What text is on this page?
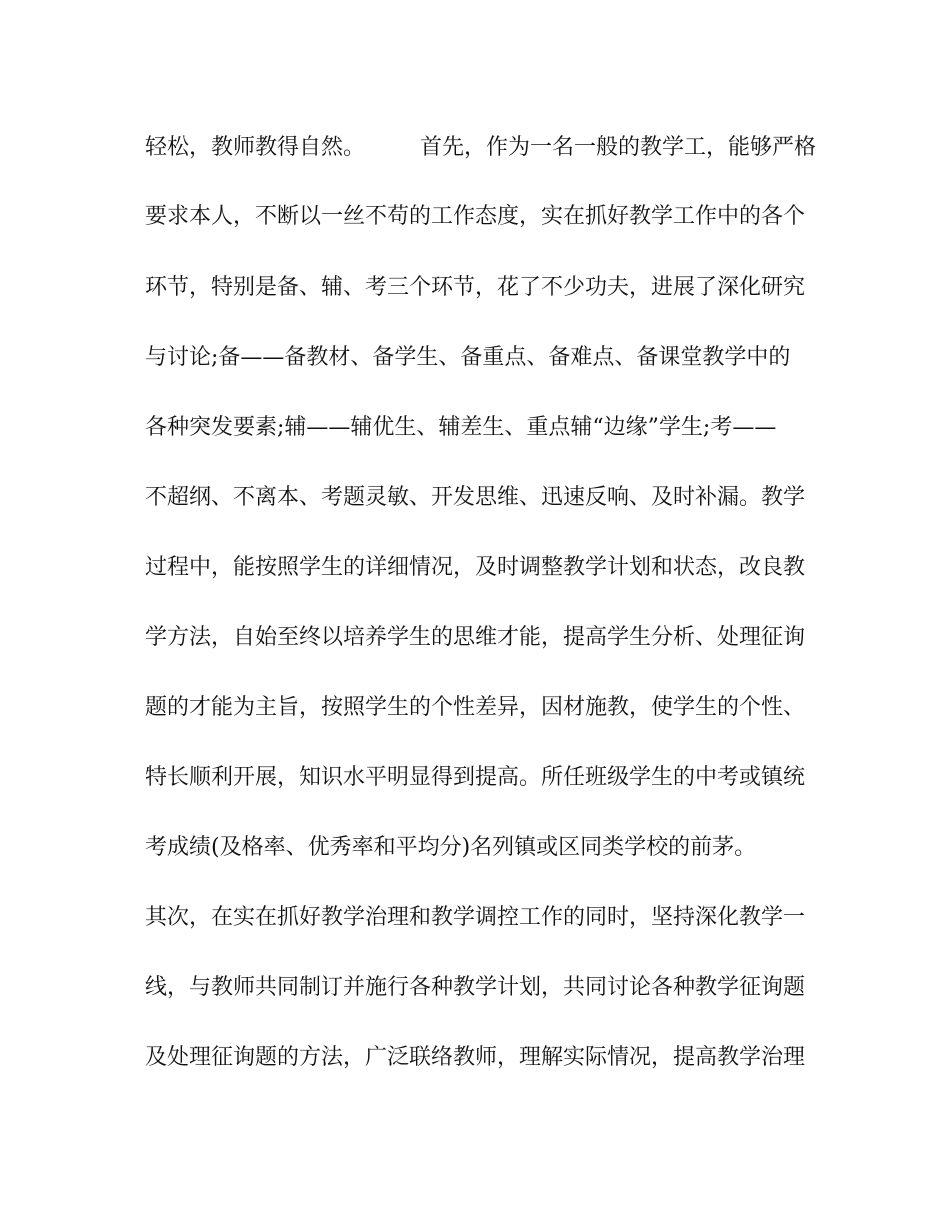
轻松，教师教得自然。　　　首先，作为一名一般的教学工，能够严格
要求本人，不断以一丝不苟的工作态度，实在抓好教学工作中的各个
环节，特别是备、辅、考三个环节，花了不少功夫，进展了深化研究
与讨论;备——备教材、备学生、备重点、备难点、备课堂教学中的
各种突发要素;辅——辅优生、辅差生、重点辅“边缘”学生;考——
不超纲、不离本、考题灵敏、开发思维、迅速反响、及时补漏。教学
过程中，能按照学生的详细情况，及时调整教学计划和状态，改良教
学方法，自始至终以培养学生的思维才能，提高学生分析、处理征询
题的才能为主旨，按照学生的个性差异，因材施教，使学生的个性、
特长顺利开展，知识水平明显得到提高。所任班级学生的中考或镇统
考成绩(及格率、优秀率和平均分)名列镇或区同类学校的前茅。
其次，在实在抓好教学治理和教学调控工作的同时，坚持深化教学一
线，与教师共同制订并施行各种教学计划，共同讨论各种教学征询题
及处理征询题的方法，广泛联络教师，理解实际情况，提高教学治理
